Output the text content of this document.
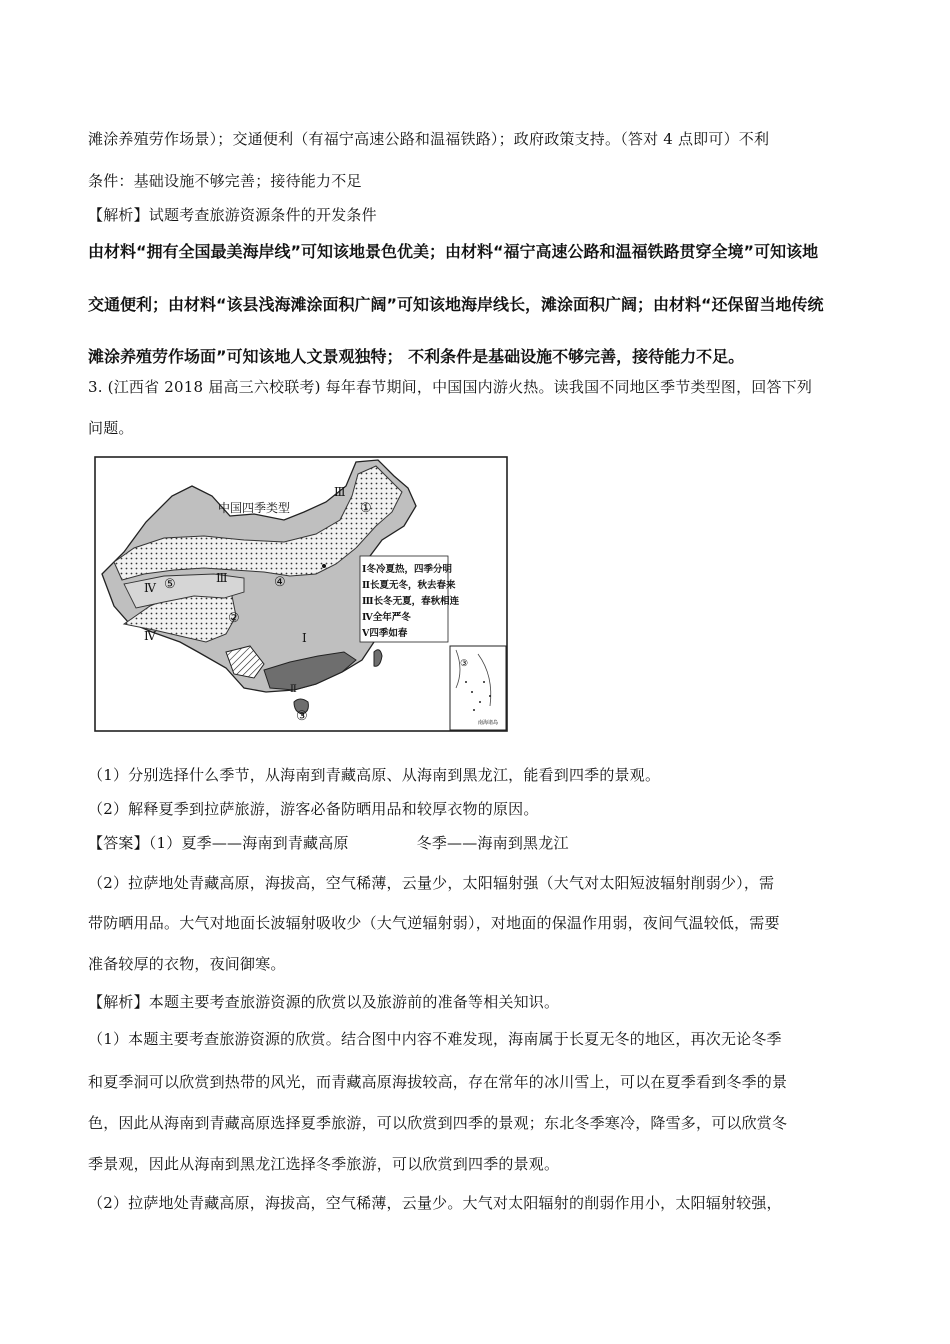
滩涂养殖劳作场景）；交通便利（有福宁高速公路和温福铁路）；政府政策支持。（答对 4 点即可）不利
条件：基础设施不够完善；接待能力不足
【解析】试题考查旅游资源条件的开发条件
由材料“拥有全国最美海岸线”可知该地景色优美；由材料“福宁高速公路和温福铁路贯穿全境”可知该地
交通便利；由材料“该县浅海滩涂面积广阔”可知该地海岸线长，滩涂面积广阔；由材料“还保留当地传统
滩涂养殖劳作场面”可知该地人文景观独特； 不利条件是基础设施不够完善，接待能力不足。
3. (江西省 2018 届高三六校联考) 每年春节期间，中国国内游火热。读我国不同地区季节类型图，回答下列
问题。
中国四季类型
Ⅲ
Ⅳ
Ⅲ
Ⅳ	Ⅰ
Ⅱ
①
②
③
④
⑤
Ⅰ冬冷夏热，四季分明
Ⅱ长夏无冬，秋去春来
Ⅲ长冬无夏，春秋相连
Ⅳ全年严冬
Ⅴ四季如春
③
南海诸岛
（1）分别选择什么季节，从海南到青藏高原、从海南到黑龙江，能看到四季的景观。
（2）解释夏季到拉萨旅游，游客必备防晒用品和较厚衣物的原因。
【答案】（1）夏季——海南到青藏高原	冬季——海南到黑龙江
（2）拉萨地处青藏高原，海拔高，空气稀薄，云量少，太阳辐射强（大气对太阳短波辐射削弱少），需
带防晒用品。大气对地面长波辐射吸收少（大气逆辐射弱），对地面的保温作用弱，夜间气温较低，需要
准备较厚的衣物，夜间御寒。
【解析】本题主要考查旅游资源的欣赏以及旅游前的准备等相关知识。
（1）本题主要考查旅游资源的欣赏。结合图中内容不难发现，海南属于长夏无冬的地区，再次无论冬季
和夏季洞可以欣赏到热带的风光，而青藏高原海拔较高，存在常年的冰川雪上，可以在夏季看到冬季的景
色，因此从海南到青藏高原选择夏季旅游，可以欣赏到四季的景观；东北冬季寒冷，降雪多，可以欣赏冬
季景观，因此从海南到黑龙江选择冬季旅游，可以欣赏到四季的景观。
（2）拉萨地处青藏高原，海拔高，空气稀薄，云量少。大气对太阳辐射的削弱作用小，太阳辐射较强，
